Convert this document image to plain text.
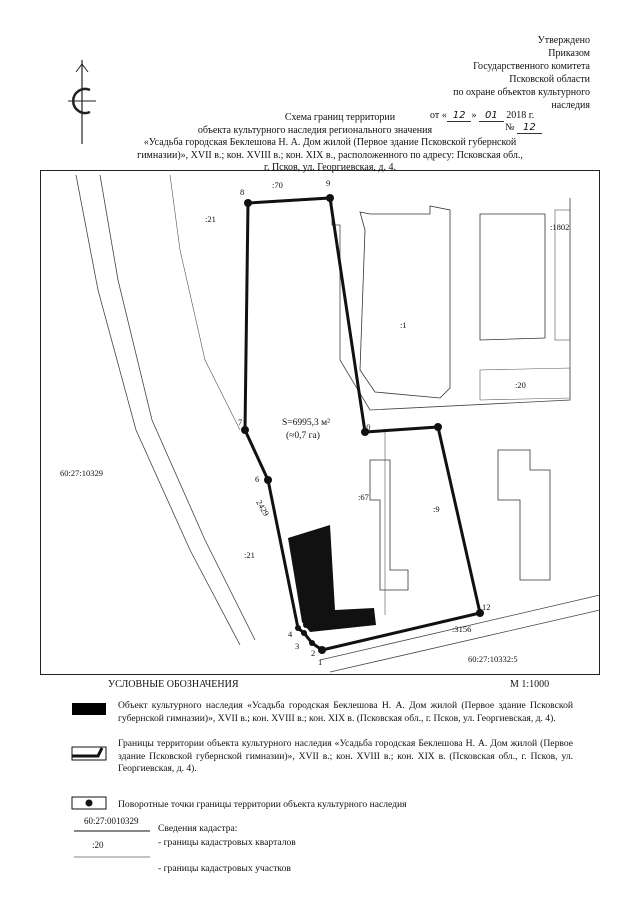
Утверждено
Приказом
Государственного комитета
Псковской области
по охране объектов культурного
наследия
от « 12 » 01 2018 г.
№ 12
Схема границ территории
объекта культурного наследия регионального значения
«Усадьба городская Беклешова Н. А. Дом жилой (Первое здание Псковской губернской
гимназии)», XVII в.; кон. XVIII в.; кон. XIX в., расположенного по адресу: Псковская обл.,
г. Псков, ул. Георгиевская, д. 4.
1
2
3
4
5
6
7
8
9
10
12
:70
:21
:1802
:1
:20
60:27:10329
:67
:9
2429
:21
:3156
60:27:10332:5
S=6995,3 м²
(≈0,7 га)
УСЛОВНЫЕ ОБОЗНАЧЕНИЯ	М 1:1000
Объект культурного наследия «Усадьба городская Беклешова Н. А. Дом жилой (Первое здание Псковской губернской гимназии)», XVII в.; кон. XVIII в.; кон. XIX в. (Псковская обл., г. Псков, ул. Георгиевская, д. 4).
Границы территории объекта культурного наследия «Усадьба городская Беклешова Н. А. Дом жилой (Первое здание Псковской губернской гимназии)», XVII в.; кон. XVIII в.; кон. XIX в. (Псковская обл., г. Псков, ул. Георгиевская, д. 4).
Поворотные точки границы территории объекта культурного наследия
60:27:0010329
:20
Сведения кадастра:
- границы кадастровых кварталов
- границы кадастровых участков
